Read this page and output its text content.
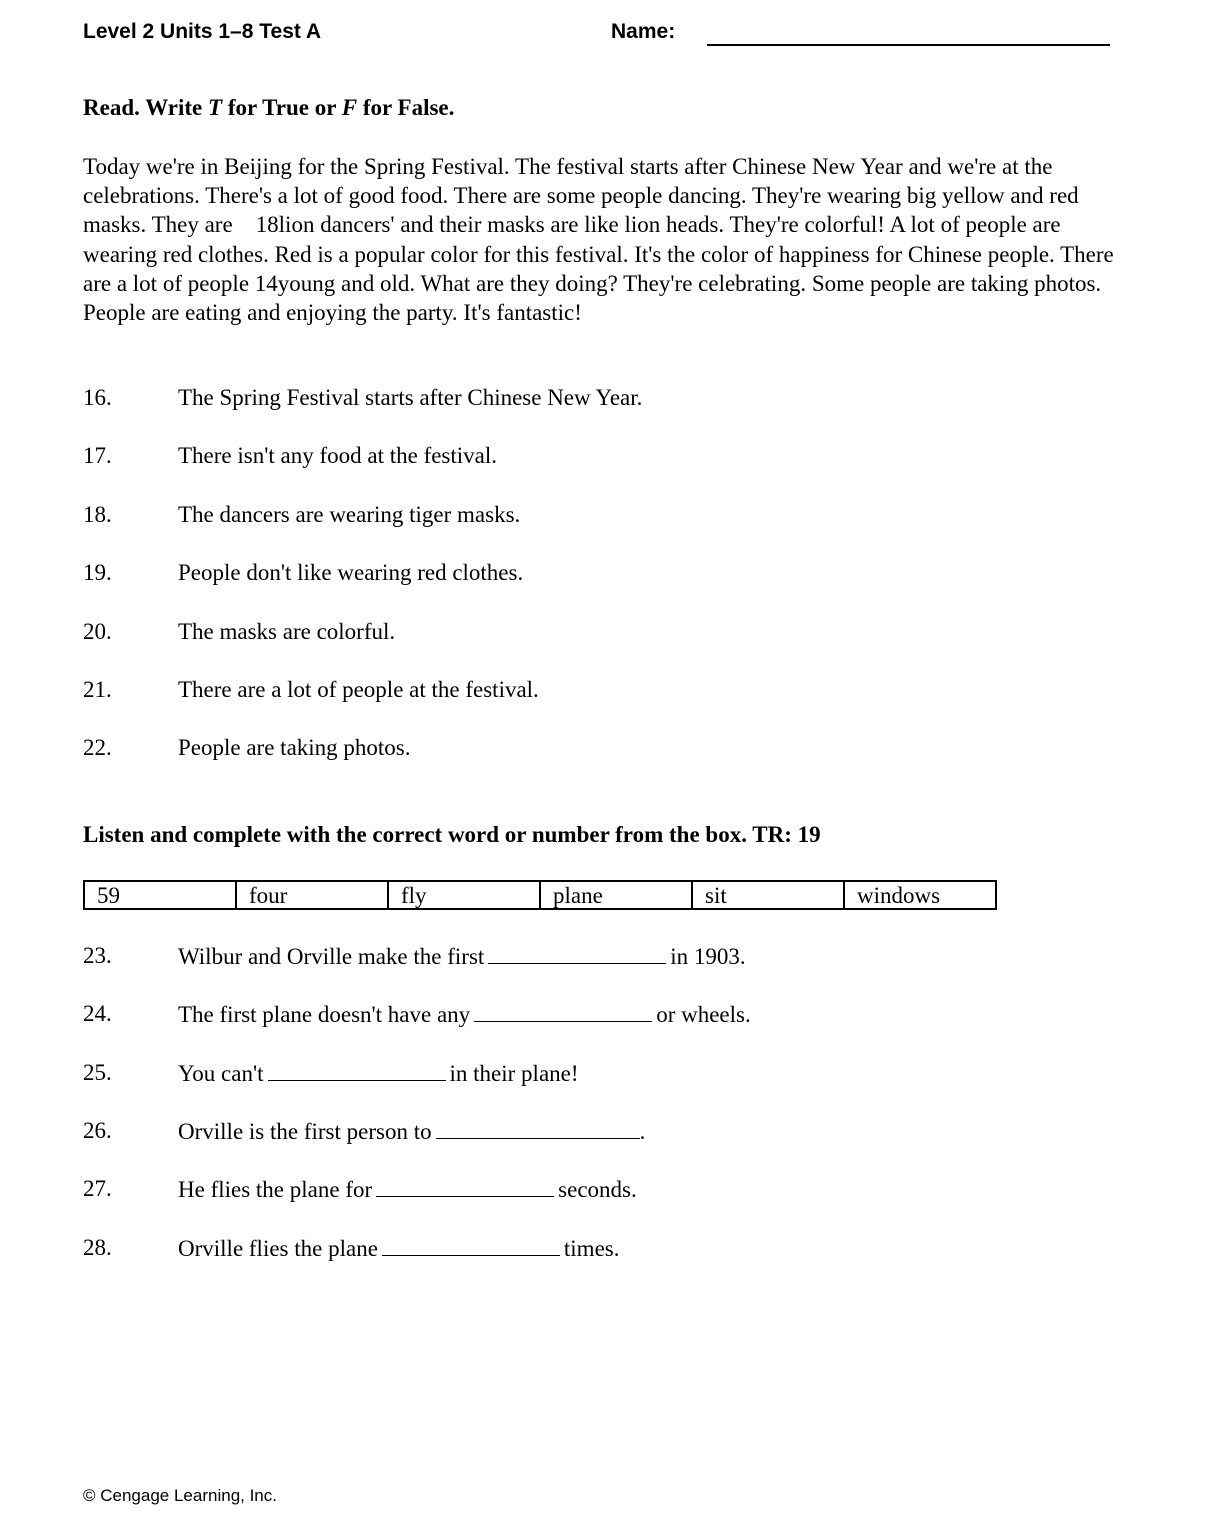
Level 2 Units 1–8 Test A	Name:
Read. Write T for True or F for False.
Today we're in Beijing for the Spring Festival. The festival starts after Chinese New Year and we're at the celebrations. There's a lot of good food. There are some people dancing. They're wearing big yellow and red masks. They are    18lion dancers' and their masks are like lion heads. They're colorful! A lot of people are wearing red clothes. Red is a popular color for this festival. It's the color of happiness for Chinese people. There are a lot of people 14young and old. What are they doing? They're celebrating. Some people are taking photos. People are eating and enjoying the party. It's fantastic!
16.	The Spring Festival starts after Chinese New Year.
17.	There isn't any food at the festival.
18.	The dancers are wearing tiger masks.
19.	People don't like wearing red clothes.
20.	The masks are colorful.
21.	There are a lot of people at the festival.
22.	People are taking photos.
Listen and complete with the correct word or number from the box. TR: 19
59	four	fly	plane	sit	windows
23.	Wilbur and Orville make the first	in 1903.
24.	The first plane doesn't have any	or wheels.
25.	You can't	in their plane!
26.	Orville is the first person to	.
27.	He flies the plane for	seconds.
28.	Orville flies the plane	times.
© Cengage Learning, Inc.
